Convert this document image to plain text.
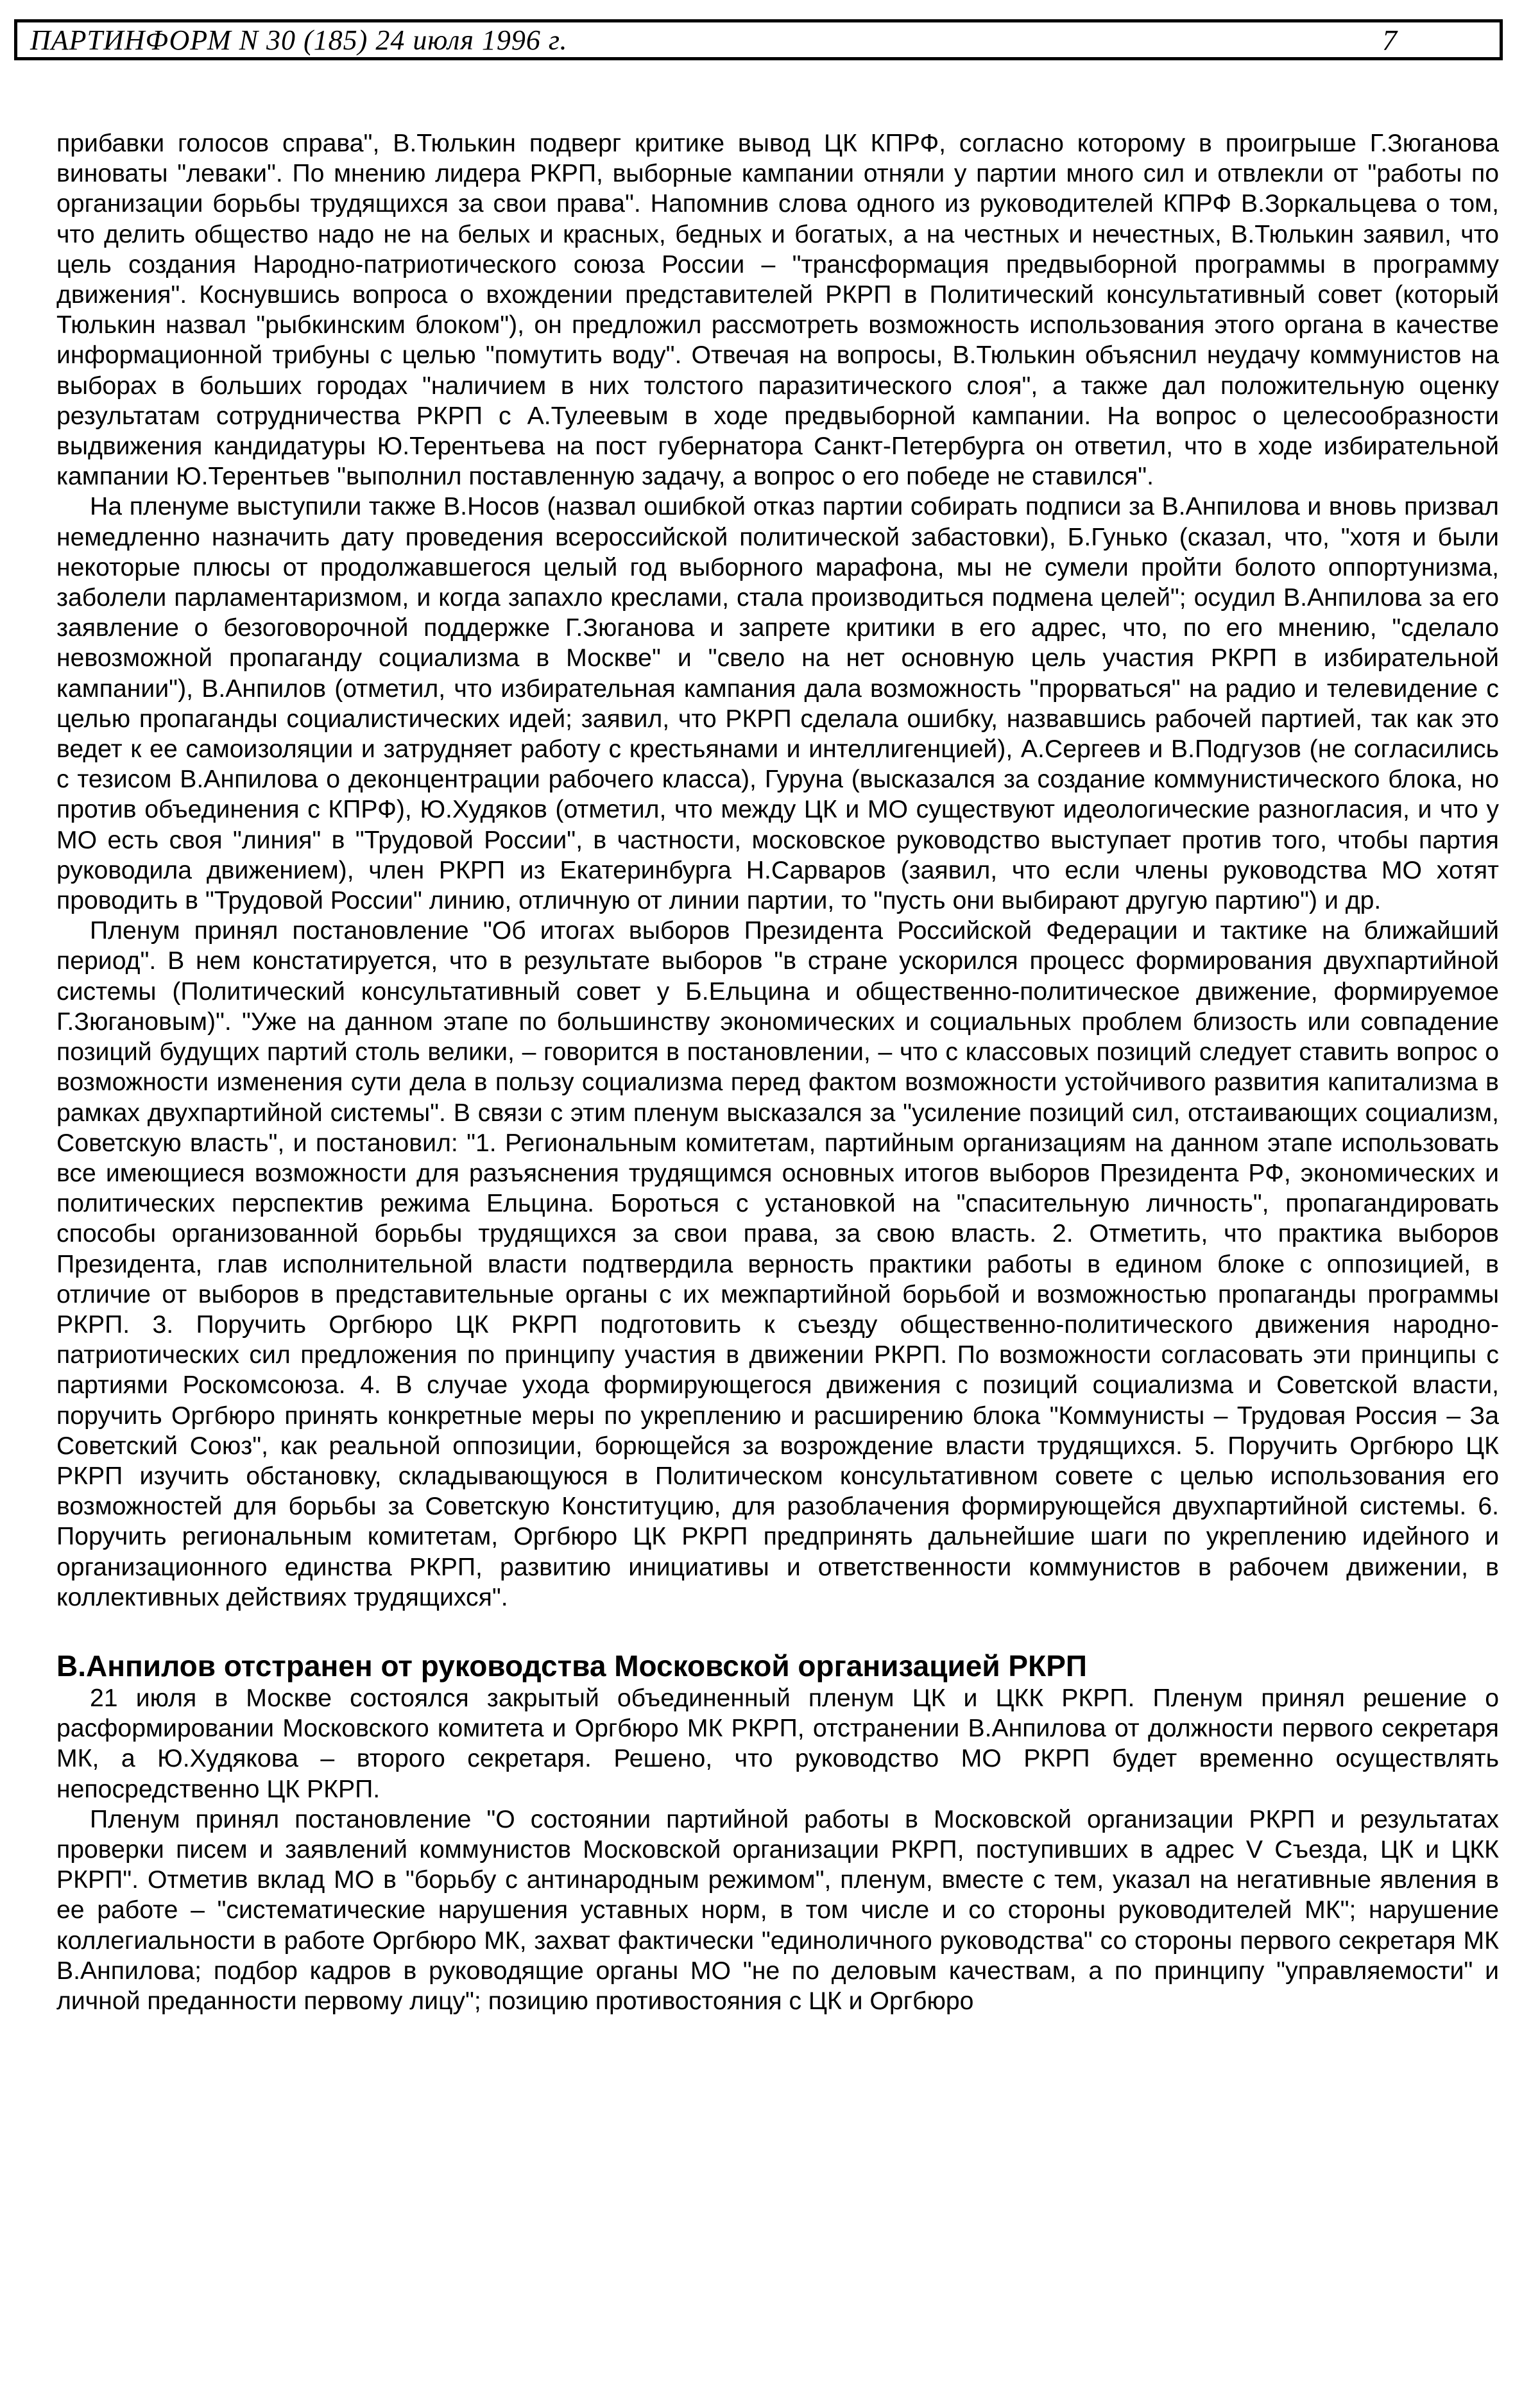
ПАРТИНФОРМ N 30 (185) 24 июля 1996 г.	7

прибавки голосов справа", В.Тюлькин подверг критике вывод ЦК КПРФ, согласно которому в проигрыше Г.Зюганова виноваты "леваки". По мнению лидера РКРП, выборные кампании отняли у партии много сил и отвлекли от "работы по организации борьбы трудящихся за свои права". Напомнив слова одного из руководителей КПРФ В.Зоркальцева о том, что делить общество надо не на белых и красных, бедных и богатых, а на честных и нечестных, В.Тюлькин заявил, что цель создания Народно-патриотического союза России – "трансформация предвыборной программы в программу движения". Коснувшись вопроса о вхождении представителей РКРП в Политический консультативный совет (который Тюлькин назвал "рыбкинским блоком"), он предложил рассмотреть возможность использования этого органа в качестве информационной трибуны с целью "помутить воду". Отвечая на вопросы, В.Тюлькин объяснил неудачу коммунистов на выборах в больших городах "наличием в них толстого паразитического слоя", а также дал положительную оценку результатам сотрудничества РКРП с А.Тулеевым в ходе предвыборной кампании. На вопрос о целесообразности выдвижения кандидатуры Ю.Терентьева на пост губернатора Санкт-Петербурга он ответил, что в ходе избирательной кампании Ю.Терентьев "выполнил поставленную задачу, а вопрос о его победе не ставился".

На пленуме выступили также В.Носов (назвал ошибкой отказ партии собирать подписи за В.Анпилова и вновь призвал немедленно назначить дату проведения всероссийской политической забастовки), Б.Гунько (сказал, что, "хотя и были некоторые плюсы от продолжавшегося целый год выборного марафона, мы не сумели пройти болото оппортунизма, заболели парламентаризмом, и когда запахло креслами, стала производиться подмена целей"; осудил В.Анпилова за его заявление о безоговорочной поддержке Г.Зюганова и запрете критики в его адрес, что, по его мнению, "сделало невозможной пропаганду социализма в Москве" и "свело на нет основную цель участия РКРП в избирательной кампании"), В.Анпилов (отметил, что избирательная кампания дала возможность "прорваться" на радио и телевидение с целью пропаганды социалистических идей; заявил, что РКРП сделала ошибку, назвавшись рабочей партией, так как это ведет к ее самоизоляции и затрудняет работу с крестьянами и интеллигенцией), А.Сергеев и В.Подгузов (не согласились с тезисом В.Анпилова о деконцентрации рабочего класса), Гуруна (высказался за создание коммунистического блока, но против объединения с КПРФ), Ю.Худяков (отметил, что между ЦК и МО существуют идеологические разногласия, и что у МО есть своя "линия" в "Трудовой России", в частности, московское руководство выступает против того, чтобы партия руководила движением), член РКРП из Екатеринбурга Н.Сарваров (заявил, что если члены руководства МО хотят проводить в "Трудовой России" линию, отличную от линии партии, то "пусть они выбирают другую партию") и др.

Пленум принял постановление "Об итогах выборов Президента Российской Федерации и тактике на ближайший период". В нем констатируется, что в результате выборов "в стране ускорился процесс формирования двухпартийной системы (Политический консультативный совет у Б.Ельцина и общественно-политическое движение, формируемое Г.Зюгановым)". "Уже на данном этапе по большинству экономических и социальных проблем близость или совпадение позиций будущих партий столь велики, – говорится в постановлении, – что с классовых позиций следует ставить вопрос о возможности изменения сути дела в пользу социализма перед фактом возможности устойчивого развития капитализма в рамках двухпартийной системы". В связи с этим пленум высказался за "усиление позиций сил, отстаивающих социализм, Советскую власть", и постановил: "1. Региональным комитетам, партийным организациям на данном этапе использовать все имеющиеся возможности для разъяснения трудящимся основных итогов выборов Президента РФ, экономических и политических перспектив режима Ельцина. Бороться с установкой на "спасительную личность", пропагандировать способы организованной борьбы трудящихся за свои права, за свою власть. 2. Отметить, что практика выборов Президента, глав исполнительной власти подтвердила верность практики работы в едином блоке с оппозицией, в отличие от выборов в представительные органы с их межпартийной борьбой и возможностью пропаганды программы РКРП. 3. Поручить Оргбюро ЦК РКРП подготовить к съезду общественно-политического движения народно-патриотических сил предложения по принципу участия в движении РКРП. По возможности согласовать эти принципы с партиями Роскомсоюза. 4. В случае ухода формирующегося движения с позиций социализма и Советской власти, поручить Оргбюро принять конкретные меры по укреплению и расширению блока "Коммунисты – Трудовая Россия – За Советский Союз", как реальной оппозиции, борющейся за возрождение власти трудящихся. 5. Поручить Оргбюро ЦК РКРП изучить обстановку, складывающуюся в Политическом консультативном совете с целью использования его возможностей для борьбы за Советскую Конституцию, для разоблачения формирующейся двухпартийной системы. 6. Поручить региональным комитетам, Оргбюро ЦК РКРП предпринять дальнейшие шаги по укреплению идейного и организационного единства РКРП, развитию инициативы и ответственности коммунистов в рабочем движении, в коллективных действиях трудящихся".

В.Анпилов отстранен от руководства Московской организацией РКРП

21 июля в Москве состоялся закрытый объединенный пленум ЦК и ЦКК РКРП. Пленум принял решение о расформировании Московского комитета и Оргбюро МК РКРП, отстранении В.Анпилова от должности первого секретаря МК, а Ю.Худякова – второго секретаря. Решено, что руководство МО РКРП будет временно осуществлять непосредственно ЦК РКРП.

Пленум принял постановление "О состоянии партийной работы в Московской организации РКРП и результатах проверки писем и заявлений коммунистов Московской организации РКРП, поступивших в адрес V Съезда, ЦК и ЦКК РКРП". Отметив вклад МО в "борьбу с антинародным режимом", пленум, вместе с тем, указал на негативные явления в ее работе – "систематические нарушения уставных норм, в том числе и со стороны руководителей МК"; нарушение коллегиальности в работе Оргбюро МК, захват фактически "единоличного руководства" со стороны первого секретаря МК В.Анпилова; подбор кадров в руководящие органы МО "не по деловым качествам, а по принципу "управляемости" и личной преданности первому лицу"; позицию противостояния с ЦК и Оргбюро
